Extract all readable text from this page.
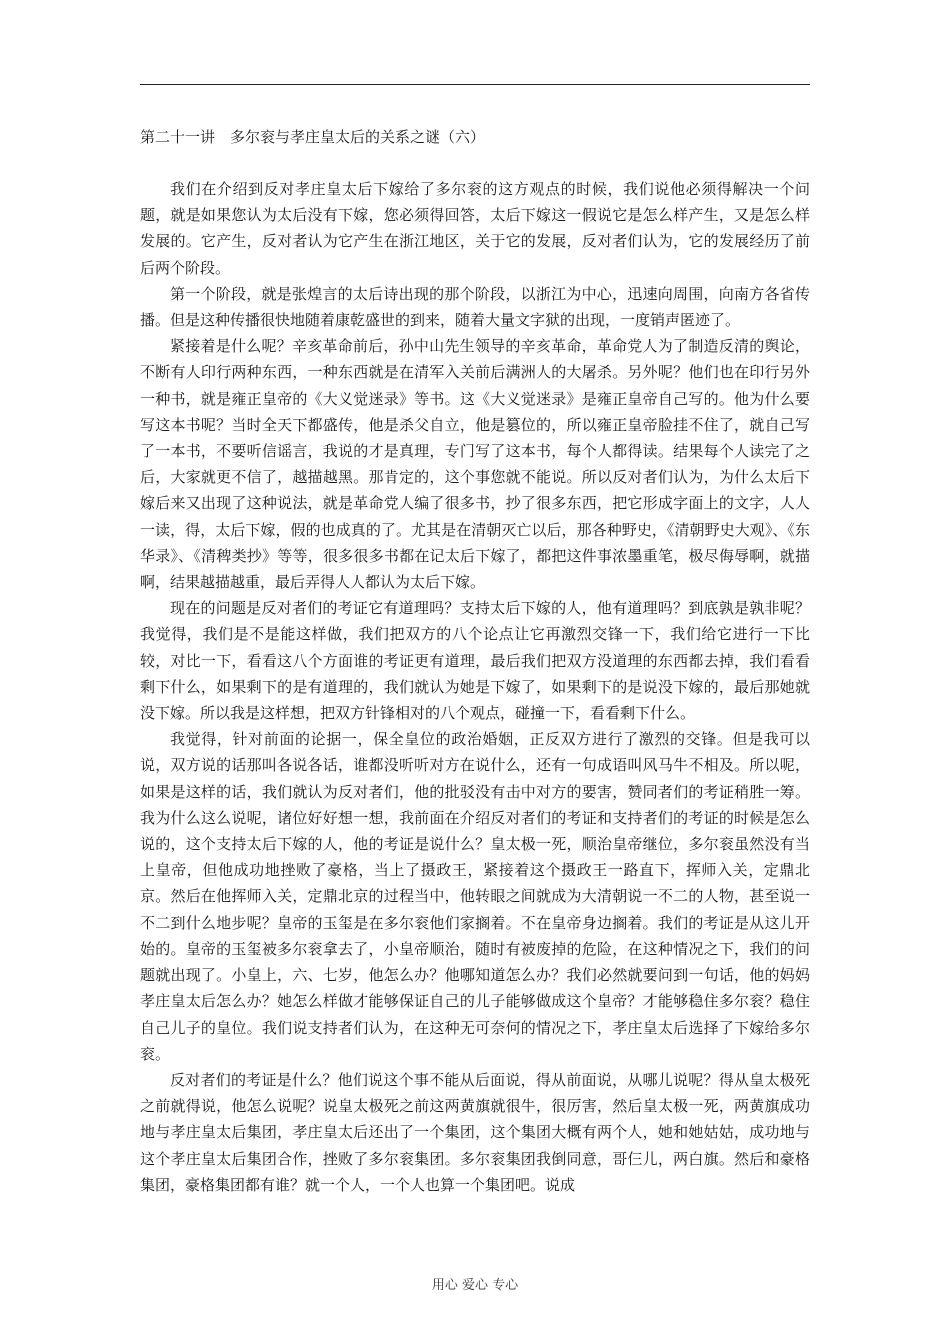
第二十一讲　多尔衮与孝庄皇太后的关系之谜（六）

我们在介绍到反对孝庄皇太后下嫁给了多尔衮的这方观点的时候，我们说他必须得解决一个问题，就是如果您认为太后没有下嫁，您必须得回答，太后下嫁这一假说它是怎么样产生，又是怎么样发展的。它产生，反对者认为它产生在浙江地区，关于它的发展，反对者们认为，它的发展经历了前后两个阶段。

第一个阶段，就是张煌言的太后诗出现的那个阶段，以浙江为中心，迅速向周围，向南方各省传播。但是这种传播很快地随着康乾盛世的到来，随着大量文字狱的出现，一度销声匿迹了。

紧接着是什么呢？辛亥革命前后，孙中山先生领导的辛亥革命，革命党人为了制造反清的舆论，不断有人印行两种东西，一种东西就是在清军入关前后满洲人的大屠杀。另外呢？他们也在印行另外一种书，就是雍正皇帝的《大义觉迷录》等书。这《大义觉迷录》是雍正皇帝自己写的。他为什么要写这本书呢？当时全天下都盛传，他是杀父自立，他是篡位的，所以雍正皇帝脸挂不住了，就自己写了一本书，不要听信谣言，我说的才是真理，专门写了这本书，每个人都得读。结果每个人读完了之后，大家就更不信了，越描越黑。那肯定的，这个事您就不能说。所以反对者们认为，为什么太后下嫁后来又出现了这种说法，就是革命党人编了很多书，抄了很多东西，把它形成字面上的文字，人人一读，得，太后下嫁，假的也成真的了。尤其是在清朝灭亡以后，那各种野史，《清朝野史大观》、《东华录》、《清稗类抄》等等，很多很多书都在记太后下嫁了，都把这件事浓墨重笔，极尽侮辱啊，就描啊，结果越描越重，最后弄得人人都认为太后下嫁。

现在的问题是反对者们的考证它有道理吗？支持太后下嫁的人，他有道理吗？到底孰是孰非呢？我觉得，我们是不是能这样做，我们把双方的八个论点让它再激烈交锋一下，我们给它进行一下比较，对比一下，看看这八个方面谁的考证更有道理，最后我们把双方没道理的东西都去掉，我们看看剩下什么，如果剩下的是有道理的，我们就认为她是下嫁了，如果剩下的是说没下嫁的，最后那她就没下嫁。所以我是这样想，把双方针锋相对的八个观点，碰撞一下，看看剩下什么。

我觉得，针对前面的论据一，保全皇位的政治婚姻，正反双方进行了激烈的交锋。但是我可以说，双方说的话那叫各说各话，谁都没听听对方在说什么，还有一句成语叫风马牛不相及。所以呢，如果是这样的话，我们就认为反对者们，他的批驳没有击中对方的要害，赞同者们的考证稍胜一筹。我为什么这么说呢，诸位好好想一想，我前面在介绍反对者们的考证和支持者们的考证的时候是怎么说的，这个支持太后下嫁的人，他的考证是说什么？皇太极一死，顺治皇帝继位，多尔衮虽然没有当上皇帝，但他成功地挫败了豪格，当上了摄政王，紧接着这个摄政王一路直下，挥师入关，定鼎北京。然后在他挥师入关，定鼎北京的过程当中，他转眼之间就成为大清朝说一不二的人物，甚至说一不二到什么地步呢？皇帝的玉玺是在多尔衮他们家搁着。不在皇帝身边搁着。我们的考证是从这儿开始的。皇帝的玉玺被多尔衮拿去了，小皇帝顺治，随时有被废掉的危险，在这种情况之下，我们的问题就出现了。小皇上，六、七岁，他怎么办？他哪知道怎么办？我们必然就要问到一句话，他的妈妈孝庄皇太后怎么办？她怎么样做才能够保证自己的儿子能够做成这个皇帝？才能够稳住多尔衮？稳住自己儿子的皇位。我们说支持者们认为，在这种无可奈何的情况之下，孝庄皇太后选择了下嫁给多尔衮。

反对者们的考证是什么？他们说这个事不能从后面说，得从前面说，从哪儿说呢？得从皇太极死之前就得说，他怎么说呢？说皇太极死之前这两黄旗就很牛，很厉害，然后皇太极一死，两黄旗成功地与孝庄皇太后集团，孝庄皇太后还出了一个集团，这个集团大概有两个人，她和她姑姑，成功地与这个孝庄皇太后集团合作，挫败了多尔衮集团。多尔衮集团我倒同意，哥仨儿，两白旗。然后和豪格集团，豪格集团都有谁？就一个人，一个人也算一个集团吧。说成

用心 爱心 专心
